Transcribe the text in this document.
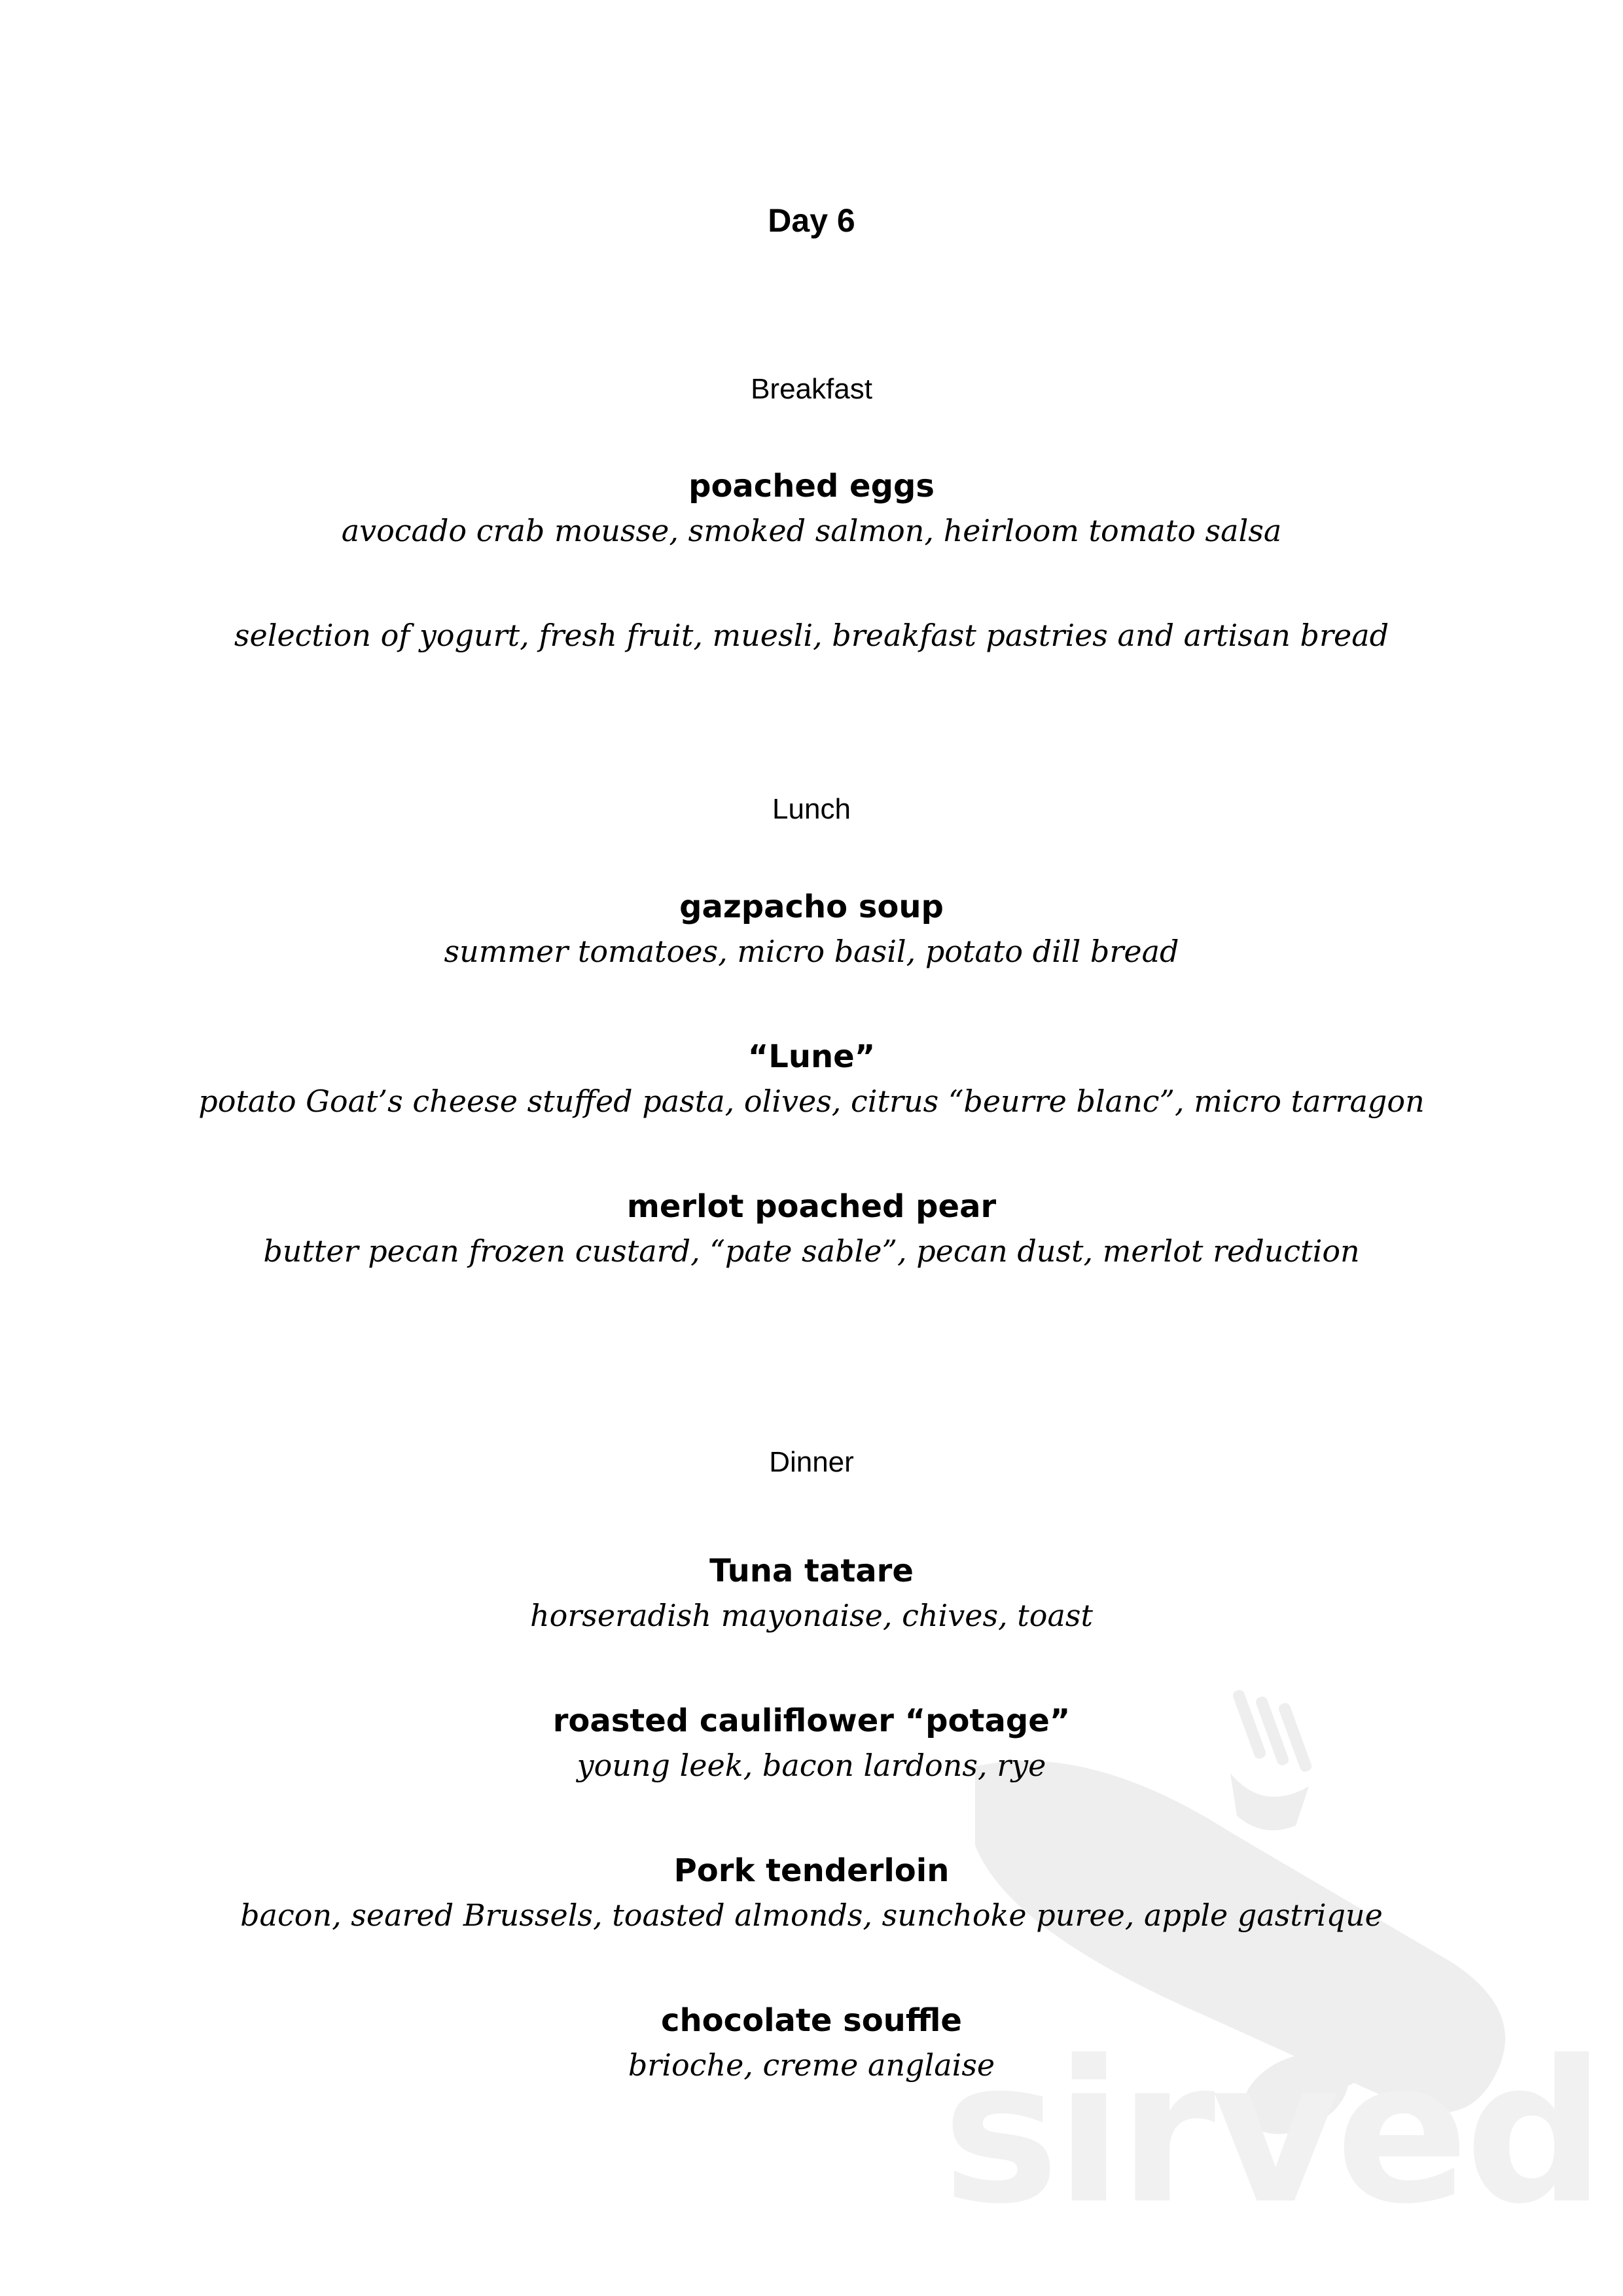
sirved
Day 6
Breakfast
poached eggs
avocado crab mousse, smoked salmon, heirloom tomato salsa
selection of yogurt, fresh fruit, muesli, breakfast pastries and artisan bread
Lunch
gazpacho soup
summer tomatoes, micro basil, potato dill bread
“Lune”
potato Goat’s cheese stuffed pasta, olives, citrus “beurre blanc”, micro tarragon
merlot poached pear
butter pecan frozen custard, “pate sable”, pecan dust, merlot reduction
Dinner
Tuna tatare
horseradish mayonaise, chives, toast
roasted cauliflower “potage”
young leek, bacon lardons, rye
Pork tenderloin
bacon, seared Brussels, toasted almonds, sunchoke puree, apple gastrique
chocolate souffle
brioche, creme anglaise
